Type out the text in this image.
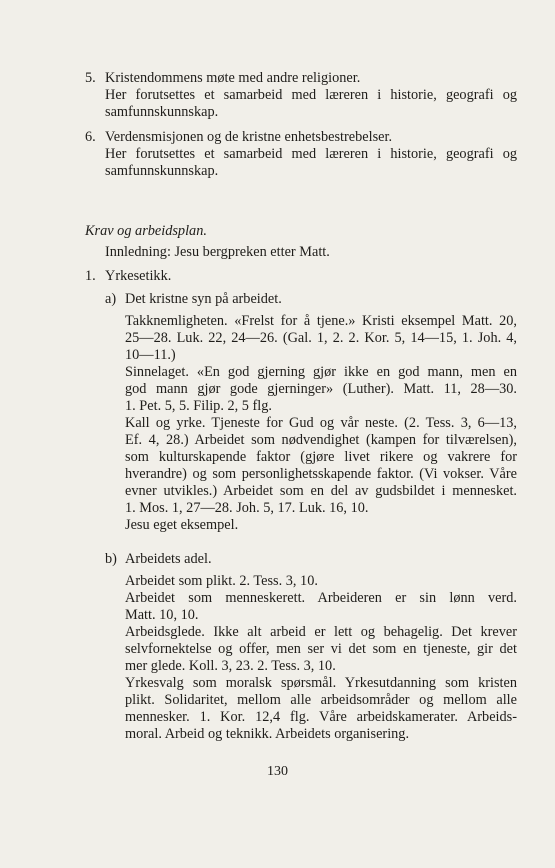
5. Kristendommens møte med andre religioner.
Her forutsettes et samarbeid med læreren i historie, geografi og
samfunnskunnskap.
6. Verdensmisjonen og de kristne enhetsbestrebelser.
Her forutsettes et samarbeid med læreren i historie, geografi og
samfunnskunnskap.
Krav og arbeidsplan.
Innledning: Jesu bergpreken etter Matt.
1. Yrkesetikk.
a) Det kristne syn på arbeidet.
Takknemligheten. «Frelst for å tjene.» Kristi eksempel Matt. 20,
25—28. Luk. 22, 24—26. (Gal. 1, 2. 2. Kor. 5, 14—15, 1. Joh. 4,
10—11.)
Sinnelaget. «En god gjerning gjør ikke en god mann, men en
god mann gjør gode gjerninger» (Luther). Matt. 11, 28—30.
1. Pet. 5, 5. Filip. 2, 5 flg.
Kall og yrke. Tjeneste for Gud og vår neste. (2. Tess. 3, 6—13,
Ef. 4, 28.) Arbeidet som nødvendighet (kampen for tilværelsen),
som kulturskapende faktor (gjøre livet rikere og vakrere for
hverandre) og som personlighetsskapende faktor. (Vi vokser. Våre
evner utvikles.) Arbeidet som en del av gudsbildet i mennesket.
1. Mos. 1, 27—28. Joh. 5, 17. Luk. 16, 10.
Jesu eget eksempel.
b) Arbeidets adel.
Arbeidet som plikt. 2. Tess. 3, 10.
Arbeidet som menneskerett. Arbeideren er sin lønn verd.
Matt. 10, 10.
Arbeidsglede. Ikke alt arbeid er lett og behagelig. Det krever
selvfornektelse og offer, men ser vi det som en tjeneste, gir det
mer glede. Koll. 3, 23. 2. Tess. 3, 10.
Yrkesvalg som moralsk spørsmål. Yrkesutdanning som kristen
plikt. Solidaritet, mellom alle arbeidsområder og mellom alle
mennesker. 1. Kor. 12,4 flg. Våre arbeidskamerater. Arbeids-
moral. Arbeid og teknikk. Arbeidets organisering.
130
